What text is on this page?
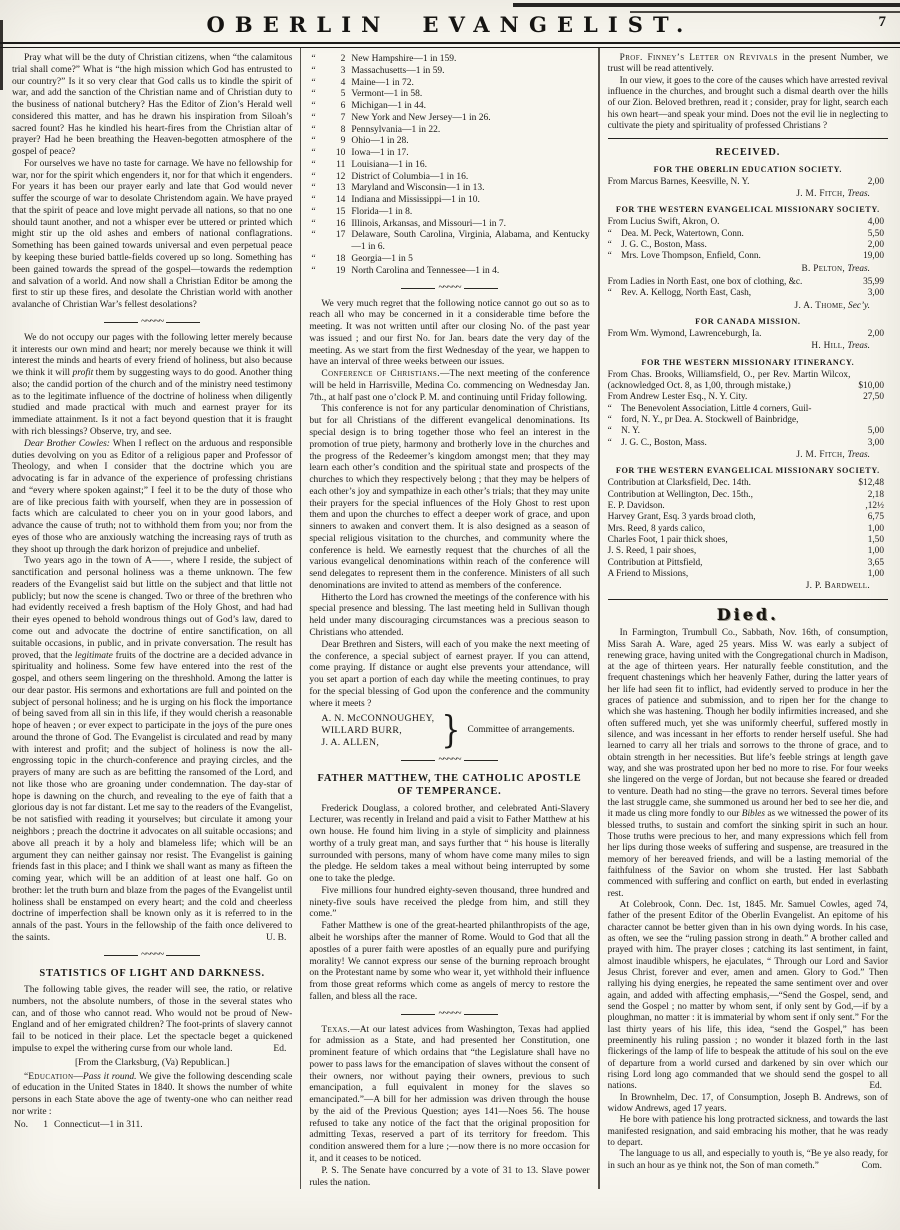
OBERLIN EVANGELIST.	7

Pray what will be the duty of Christian citizens, when “the calamitous trial shall come?” What is “the high mission which God has entrusted to our country?” Is it so very clear that God calls us to kindle the spirit of war, and add the sanction of the Christian name and of Christian duty to the business of national butchery? Has the Editor of Zion’s Herald well considered this matter, and has he drawn his inspiration from Siloah’s sacred fount? Has he kindled his heart-fires from the Christian altar of prayer? Had he been breathing the Heaven-begotten atmosphere of the gospel of peace?

For ourselves we have no taste for carnage. We have no fellowship for war, nor for the spirit which engenders it, nor for that which it engenders. For years it has been our prayer early and late that God would never suffer the scourge of war to desolate Christendom again. We have prayed that the spirit of peace and love might pervade all nations, so that no one should taunt another, and not a whisper ever be uttered or printed which might stir up the old ashes and embers of national conflagrations. Something has been gained towards universal and even perpetual peace by keeping these buried battle-fields covered up so long. Something has been gained towards the spread of the gospel—towards the redemption and salvation of a world. And now shall a Christian Editor be among the first to stir up these fires, and desolate the Christian world with another avalanche of Christian War’s fellest desolations?

~~~~~

We do not occupy our pages with the following letter merely because it interests our own mind and heart; nor merely because we think it will interest the minds and hearts of every friend of holiness, but also because we think it will profit them by suggesting ways to do good. Another thing also; the candid portion of the church and of the ministry need testimony as to the legitimate influence of the doctrine of holiness when diligently studied and made practical with much and earnest prayer for its immediate attainment. Is it not a fact beyond question that it is fraught with rich blessings? Observe, try, and see.

Dear Brother Cowles: When I reflect on the arduous and responsible duties devolving on you as Editor of a religious paper and Professor of Theology, and when I consider that the doctrine which you are advocating is far in advance of the experience of professing christians and “every where spoken against;” I feel it to be the duty of those who are of like precious faith with yourself, when they are in possession of facts which are calculated to cheer you on in your good labors, and advance the cause of truth; not to withhold them from you; nor from the eyes of those who are anxiously watching the increasing rays of truth as they shoot up through the dark horizon of prejudice and unbelief.

Two years ago in the town of A——, where I reside, the subject of sanctification and personal holiness was a theme unknown. The few readers of the Evangelist said but little on the subject and that little not publicly; but now the scene is changed. Two or three of the brethren who had evidently received a fresh baptism of the Holy Ghost, and had had their eyes opened to behold wondrous things out of God’s law, dared to come out and advocate the doctrine of entire sanctification, on all suitable occasions, in public, and in private conversation. The result has proved, that the legitimate fruits of the doctrine are a decided advance in spirituality and holiness. Some few have entered into the rest of the gospel, and others seem lingering on the threshhold. Among the latter is our dear pastor. His sermons and exhortations are full and pointed on the subject of personal holiness; and he is urging on his flock the importance of being saved from all sin in this life, if they would cherish a reasonable hope of heaven ; or ever expect to participate in the joys of the pure ones around the throne of God. The Evangelist is circulated and read by many with interest and profit; and the subject of holiness is now the all-engrossing topic in the church-conference and praying circles, and the prayers of many are such as are befitting the ransomed of the Lord, and not like those who are groaning under condemnation. The day-star of hope is dawning on the church, and revealing to the eye of faith that a glorious day is not far distant. Let me say to the readers of the Evangelist, be not satisfied with reading it yourselves; but circulate it among your neighbors ; preach the doctrine it advocates on all suitable occasions; and above all preach it by a holy and blameless life; which will be an argument they can neither gainsay nor resist. The Evangelist is gaining friends fast in this place; and I think we shall want as many as fifteen the coming year, which will be an addition of at least one half. Go on brother: let the truth burn and blaze from the pages of the Evangelist until holiness shall be enstamped on every heart; and the cold and cheerless doctrine of imperfection shall be known only as it is referred to in the annals of the past. Yours in the fellowship of the faith once delivered to the saints.	U. B.

~~~~~
STATISTICS OF LIGHT AND DARKNESS.

The following table gives, the reader will see, the ratio, or relative numbers, not the absolute numbers, of those in the several states who can, and of those who cannot read. Who would not be proud of New-England and of her emigrated children? The foot-prints of slavery cannot fail to be noticed in their place. Let the spectacle beget a quickened impulse to expel the withering curse from our whole land.	Ed.

[From the Clarksburg, (Va) Republican.]

“Education—Pass it round. We give the following descending scale of education in the United States in 1840. It shows the number of white persons in each State above the age of twenty-one who can neither read nor write :

No.	1 Connecticut—1 in 311.
“	2 New Hampshire—1 in 159.
“	3 Massachusetts—1 in 59.
“	4 Maine—1 in 72.
“	5 Vermont—1 in 58.
“	6 Michigan—1 in 44.
“	7 New York and New Jersey—1 in 26.
“	8 Pennsylvania—1 in 22.
“	9 Ohio—1 in 28.
“	10 Iowa—1 in 17.
“	11 Louisiana—1 in 16.
“	12 District of Columbia—1 in 16.
“	13 Maryland and Wisconsin—1 in 13.
“	14 Indiana and Mississippi—1 in 10.
“	15 Florida—1 in 8.
“	16 Illinois, Arkansas, and Missouri—1 in 7.
“	17 Delaware, South Carolina, Virginia, Alabama, and Kentucky—1 in 6.
“	18 Georgia—1 in 5
“	19 North Carolina and Tennessee—1 in 4.
~~~~~

We very much regret that the following notice cannot go out so as to reach all who may be concerned in it a considerable time before the meeting. It was not written until after our closing No. of the past year was issued ; and our first No. for Jan. bears date the very day of the meeting. As we start from the first Wednesday of the year, we happen to have an interval of three weeks between our issues.

Conference of Christians.—The next meeting of the conference will be held in Harrisville, Medina Co. commencing on Wednesday Jan. 7th., at half past one o’clock P. M. and continuing until Friday following.

This conference is not for any particular denomination of Christians, but for all Christians of the different evangelical denominations. Its special design is to bring together those who feel an interest in the promotion of true piety, harmony and brotherly love in the churches and the progress of the Redeemer’s kingdom amongst men; that they may learn each other’s condition and the spiritual state and prospects of the churches to which they respectively belong ; that they may be helpers of each other’s joy and sympathize in each other’s trials; that they may unite their prayers for the special influences of the Holy Ghost to rest upon them and upon the churches to effect a deeper work of grace, and upon sinners to awaken and convert them. It is also designed as a season of special religious visitation to the churches, and community where the conference is held. We earnestly request that the churches of all the various evangelical denominations within reach of the conference will send delegates to represent them in the conference. Ministers of all such denominations are invited to attend as members of the conference.

Hitherto the Lord has crowned the meetings of the conference with his special presence and blessing. The last meeting held in Sullivan though held under many discouraging circumstances was a precious season to Christians who attended.

Dear Brethren and Sisters, will each of you make the next meeting of the conference, a special subject of earnest prayer. If you can attend, come praying. If distance or aught else prevents your attendance, will you set apart a portion of each day while the meeting continues, to pray for the special blessing of God upon the conference and the community where it meets ?

A. N. McCONNOUGHEY,
WILLARD BURR,
J. A. ALLEN,	} Committee of arrangements.
~~~~~
FATHER MATTHEW, THE CATHOLIC APOSTLE OF TEMPERANCE.

Frederick Douglass, a colored brother, and celebrated Anti-Slavery Lecturer, was recently in Ireland and paid a visit to Father Matthew at his own house. He found him living in a style of simplicity and plainness worthy of a truly great man, and says further that “ his house is literally surrounded with persons, many of whom have come many miles to sign the pledge. He seldom takes a meal without being interrupted by some one to take the pledge.

Five millions four hundred eighty-seven thousand, three hundred and ninety-five souls have received the pledge from him, and still they come.”

Father Matthew is one of the great-hearted philanthropists of the age, albeit he worships after the manner of Rome. Would to God that all the apostles of a purer faith were apostles of an equally pure and purifying morality! We cannot express our sense of the burning reproach brought on the Protestant name by some who wear it, yet withhold their influence from those great reforms which come as angels of mercy to restore the fallen, and bless all the race.

~~~~~

Texas.—At our latest advices from Washington, Texas had applied for admission as a State, and had presented her Constitution, one prominent feature of which ordains that “the Legislature shall have no power to pass laws for the emancipation of slaves without the consent of their owners, nor without paying their owners, previous to such emancipation, a full equivalent in money for the slaves so emancipated.”—A bill for her admission was driven through the house by the aid of the Previous Question; ayes 141—Noes 56. The house refused to take any notice of the fact that the original proposition for admitting Texas, reserved a part of its territory for freedom. This condition answered them for a lure ;—now there is no more occasion for it, and it ceases to be noticed.

P. S. The Senate have concurred by a vote of 31 to 13. Slave power rules the nation.

Prof. Finney’s Letter on Revivals in the present Number, we trust will be read attentively.

In our view, it goes to the core of the causes which have arrested revival influence in the churches, and brought such a dismal dearth over the hills of our Zion. Beloved brethren, read it ; consider, pray for light, search each his own heart—and speak your mind. Does not the evil lie in neglecting to cultivate the piety and spirituality of professed Christians ?

RECEIVED.
FOR THE OBERLIN EDUCATION SOCIETY.
From Marcus Barnes, Keesville, N. Y.	2,00
J. M. Fitch, Treas.
FOR THE WESTERN EVANGELICAL MISSIONARY SOCIETY.
From Lucius Swift, Akron, O.	4,00
“    Dea. M. Peck, Watertown, Conn.	5,50
“    J. G. C., Boston, Mass.	2,00
“    Mrs. Love Thompson, Enfield, Conn.	19,00
B. Pelton, Treas.
From Ladies in North East, one box of clothing, &c.	35,99
“    Rev. A. Kellogg, North East, Cash,	3,00
J. A. Thome, Sec’y.
FOR CANADA MISSION.
From Wm. Wymond, Lawrenceburgh, Ia.	2,00
H. Hill, Treas.
FOR THE WESTERN MISSIONARY ITINERANCY.
From Chas. Brooks, Williamsfield, O., per Rev. Martin Wilcox, (acknowledged Oct. 8, as 1,00, through mistake,)	$10,00
From Andrew Lester Esq., N. Y. City.	27,50
“    The Benevolent Association, Little 4 corners, Guil-
“    ford, N. Y., pr Dea. A. Stockwell of Bainbridge,
“    N. Y.	5,00
“    J. G. C., Boston, Mass.	3,00
J. M. Fitch, Treas.
FOR THE WESTERN EVANGELICAL MISSIONARY SOCIETY.
Contribution at Clarksfield, Dec. 14th.	$12,48
Contribution at Wellington, Dec. 15th.,	2,18
E. P. Davidson.	,12½
Harvey Grant, Esq. 3 yards broad cloth,	6,75
Mrs. Reed, 8 yards calico,	1,00
Charles Foot, 1 pair thick shoes,	1,50
J. S. Reed, 1 pair shoes,	1,00
Contribution at Pittsfield,	3,65
A Friend to Missions,	1,00
J. P. Bardwell.
Died.

In Farmington, Trumbull Co., Sabbath, Nov. 16th, of consumption, Miss Sarah A. Ware, aged 25 years. Miss W. was early a subject of renewing grace, having united with the Congregational church in Madison, at the age of thirteen years. Her naturally feeble constitution, and the frequent chastenings which her heavenly Father, during the latter years of her life had seen fit to inflict, had evidently served to produce in her the graces of patience and submission, and to ripen her for the change to which she was hastening. Though her bodily infirmities increased, and she often suffered much, yet she was uniformly cheerful, suffered mostly in silence, and was incessant in her efforts to render herself useful. She had learned to carry all her trials and sorrows to the throne of grace, and to obtain strength in her necessities. But life’s feeble strings at length gave way, and she was prostrated upon her bed no more to rise. For four weeks she lingered on the verge of Jordan, but not because she feared or dreaded to venture. Death had no sting—the grave no terrors. Several times before the last struggle came, she summoned us around her bed to see her die, and it made us cling more fondly to our Bibles as we witnessed the power of its blessed truths, to sustain and comfort the sinking spirit in such an hour. Those truths were precious to her, and many expressions which fell from her lips during those weeks of suffering and suspense, are treasured in the memory of her bereaved friends, and will be a lasting memorial of the faithfulness of the Savior on whom she trusted. Her last Sabbath commenced with suffering and conflict on earth, but ended in everlasting rest.

At Colebrook, Conn. Dec. 1st, 1845. Mr. Samuel Cowles, aged 74, father of the present Editor of the Oberlin Evangelist. An epitome of his character cannot be better given than in his own dying words. In his case, as often, we see the “ruling passion strong in death.” A brother called and prayed with him. The prayer closes ; catching its last sentiment, in faint, almost inaudible whispers, he ejaculates, “ Through our Lord and Savior Jesus Christ, forever and ever, amen and amen. Glory to God.” Then rallying his dying energies, he repeated the same sentiment over and over again, and added with affecting emphasis,—“Send the Gospel, send, and send the Gospel ; no matter by whom sent, if only sent by God,—if by a ploughman, no matter : it is immaterial by whom sent if only sent.” For the last thirty years of his life, this idea, “send the Gospel,” has been preeminently his ruling passion ; no wonder it blazed forth in the last flickerings of the lamp of life to bespeak the attitude of his soul on the eve of departure from a world cursed and darkened by sin over which our rising Lord long ago commanded that we should send the gospel to all nations.	Ed.

In Brownhelm, Dec. 17, of Consumption, Joseph B. Andrews, son of widow Andrews, aged 17 years.

He bore with patience his long protracted sickness, and towards the last manifested resignation, and said embracing his mother, that he was ready to depart.

The language to us all, and especially to youth is, “Be ye also ready, for in such an hour as ye think not, the Son of man cometh.”	Com.
